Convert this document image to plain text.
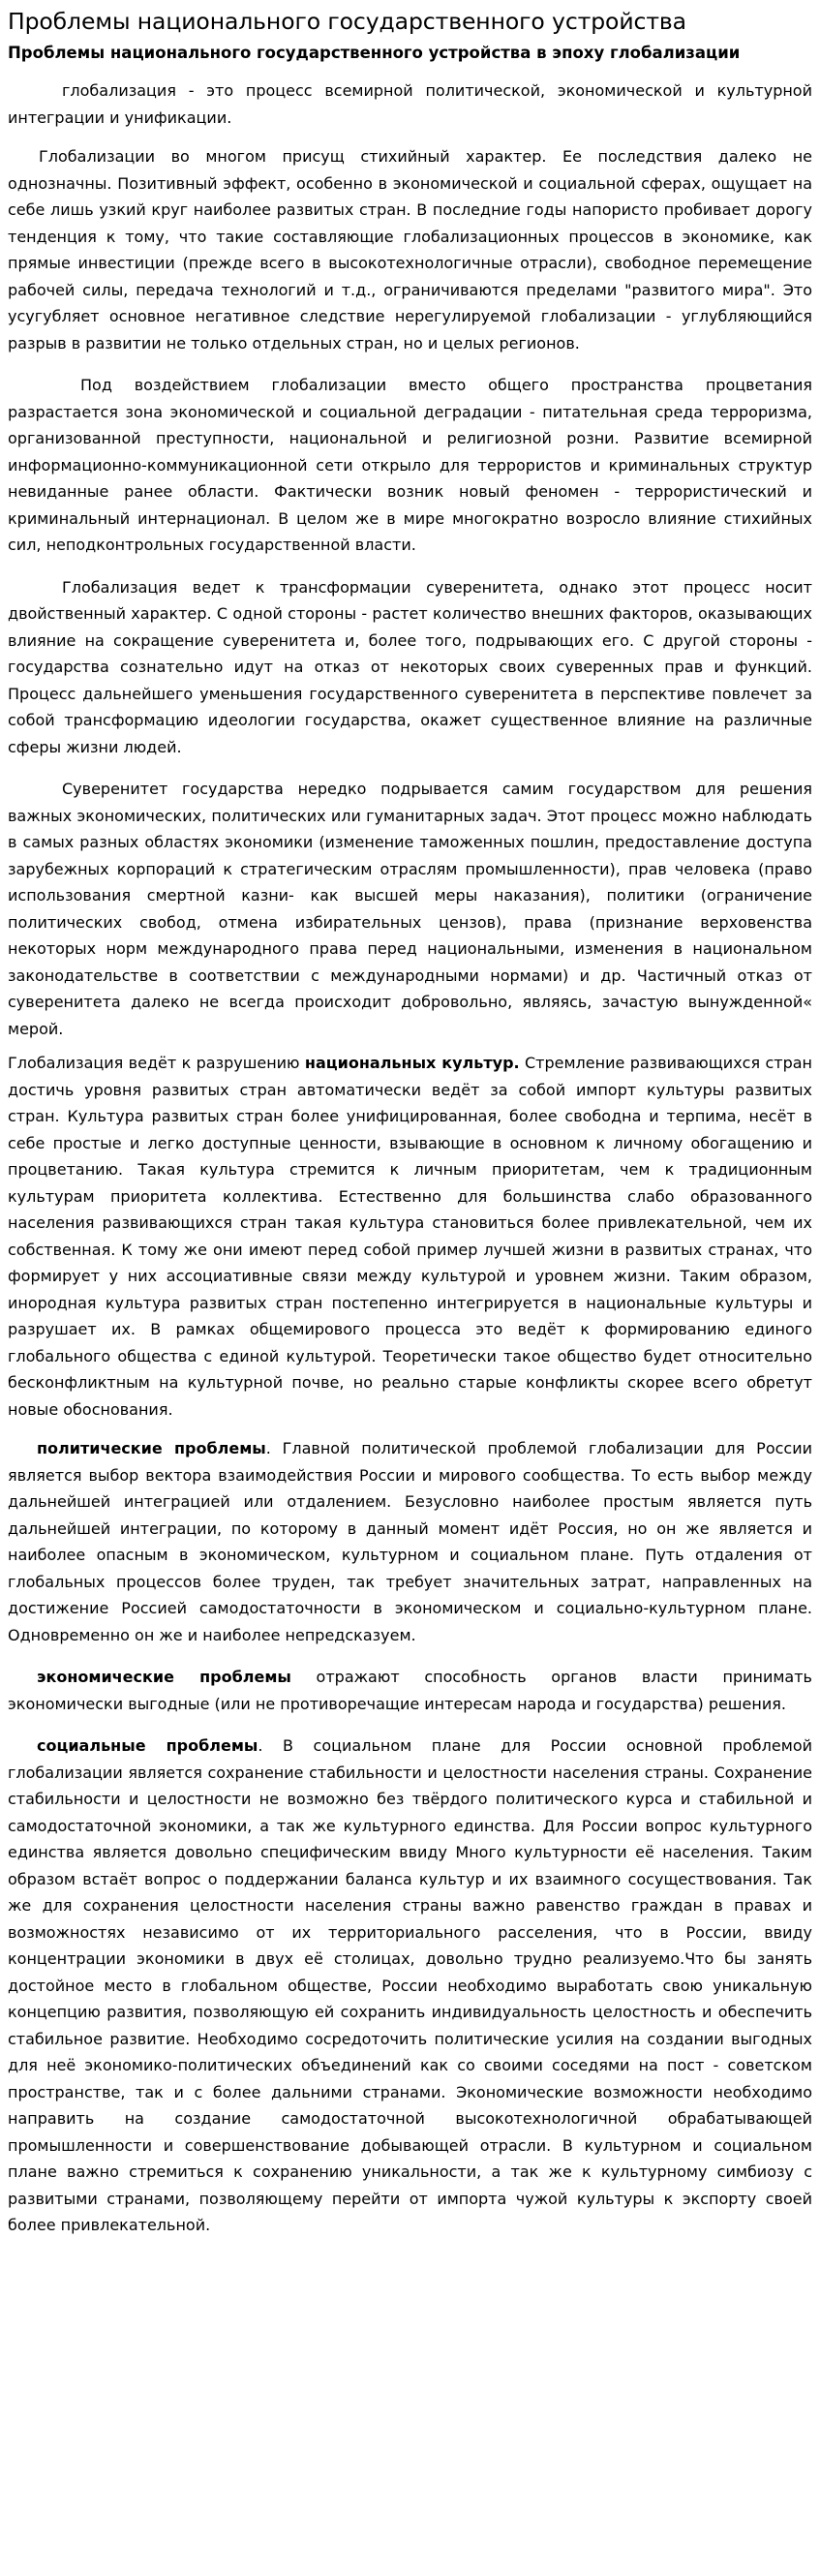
Проблемы национального государственного устройства
Проблемы национального государственного устройства в эпоху глобализации

глобализация - это процесс всемирной политической, экономической и культурной интеграции и унификации.

Глобализации во многом присущ стихийный характер. Ее последствия далеко не однозначны. Позитивный эффект, особенно в экономической и социальной сферах, ощущает на себе лишь узкий круг наиболее развитых стран. В последние годы напористо пробивает дорогу тенденция к тому, что такие составляющие глобализационных процессов в экономике, как прямые инвестиции (прежде всего в высокотехнологичные отрасли), свободное перемещение рабочей силы, передача технологий и т.д., ограничиваются пределами "развитого мира". Это усугубляет основное негативное следствие нерегулируемой глобализации - углубляющийся разрыв в развитии не только отдельных стран, но и целых регионов.

Под воздействием глобализации вместо общего пространства процветания разрастается зона экономической и социальной деградации - питательная среда терроризма, организованной преступности, национальной и религиозной розни. Развитие всемирной информационно-коммуникационной сети открыло для террористов и криминальных структур невиданные ранее области. Фактически возник новый феномен - террористический и криминальный интернационал. В целом же в мире многократно возросло влияние стихийных сил, неподконтрольных государственной власти.

Глобализация ведет к трансформации суверенитета, однако этот процесс носит двойственный характер. С одной стороны - растет количество внешних факторов, оказывающих влияние на сокращение суверенитета и, более того, подрывающих его. С другой стороны - государства сознательно идут на отказ от некоторых своих суверенных прав и функций. Процесс дальнейшего уменьшения государственного суверенитета в перспективе повлечет за собой трансформацию идеологии государства, окажет существенное влияние на различные сферы жизни людей.

Суверенитет государства нередко подрывается самим государством для решения важных экономических, политических или гуманитарных задач. Этот процесс можно наблюдать в самых разных областях экономики (изменение таможенных пошлин, предоставление доступа зарубежных корпораций к стратегическим отраслям промышленности), прав человека (право использования смертной казни- как высшей меры наказания), политики (ограничение политических свобод, отмена избирательных цензов), права (признание верховенства некоторых норм международного права перед национальными, изменения в национальном законодательстве в соответствии с международными нормами) и др. Частичный отказ от суверенитета далеко не всегда происходит добровольно, являясь, зачастую вынужденной« мерой.

Глобализация ведёт к разрушению национальных культур. Стремление развивающихся стран достичь уровня развитых стран автоматически ведёт за собой импорт культуры развитых стран. Культура развитых стран более унифицированная, более свободна и терпима, несёт в себе простые и легко доступные ценности, взывающие в основном к личному обогащению и процветанию. Такая культура стремится к личным приоритетам, чем к традиционным культурам приоритета коллектива. Естественно для большинства слабо образованного населения развивающихся стран такая культура становиться более привлекательной, чем их собственная. К тому же они имеют перед собой пример лучшей жизни в развитых странах, что формирует у них ассоциативные связи между культурой и уровнем жизни. Таким образом, инородная культура развитых стран постепенно интегрируется в национальные культуры и разрушает их. В рамках общемирового процесса это ведёт к формированию единого глобального общества с единой культурой. Теоретически такое общество будет относительно бесконфликтным на культурной почве, но реально старые конфликты скорее всего обретут новые обоснования.

политические проблемы. Главной политической проблемой глобализации для России является выбор вектора взаимодействия России и мирового сообщества. То есть выбор между дальнейшей интеграцией или отдалением. Безусловно наиболее простым является путь дальнейшей интеграции, по которому в данный момент идёт Россия, но он же является и наиболее опасным в экономическом, культурном и социальном плане. Путь отдаления от глобальных процессов более труден, так требует значительных затрат, направленных на достижение Россией самодостаточности в экономическом и социально-культурном плане. Одновременно он же и наиболее непредсказуем.

экономические проблемы отражают способность органов власти принимать экономически выгодные (или не противоречащие интересам народа и государства) решения.

социальные проблемы. В социальном плане для России основной проблемой глобализации является сохранение стабильности и целостности населения страны. Сохранение стабильности и целостности не возможно без твёрдого политического курса и стабильной и самодостаточной экономики, а так же культурного единства. Для России вопрос культурного единства является довольно специфическим ввиду Много культурности её населения. Таким образом встаёт вопрос о поддержании баланса культур и их взаимного сосуществования. Так же для сохранения целостности населения страны важно равенство граждан в правах и возможностях независимо от их территориального расселения, что в России, ввиду концентрации экономики в двух её столицах, довольно трудно реализуемо.Что бы занять достойное место в глобальном обществе, России необходимо выработать свою уникальную концепцию развития, позволяющую ей сохранить индивидуальность целостность и обеспечить стабильное развитие. Необходимо сосредоточить политические усилия на создании выгодных для неё экономико-политических объединений как со своими соседями на пост - советском пространстве, так и с более дальними странами. Экономические возможности необходимо направить на создание самодостаточной высокотехнологичной обрабатывающей промышленности и совершенствование добывающей отрасли. В культурном и социальном плане важно стремиться к сохранению уникальности, а так же к культурному симбиозу с развитыми странами, позволяющему перейти от импорта чужой культуры к экспорту своей более привлекательной.
